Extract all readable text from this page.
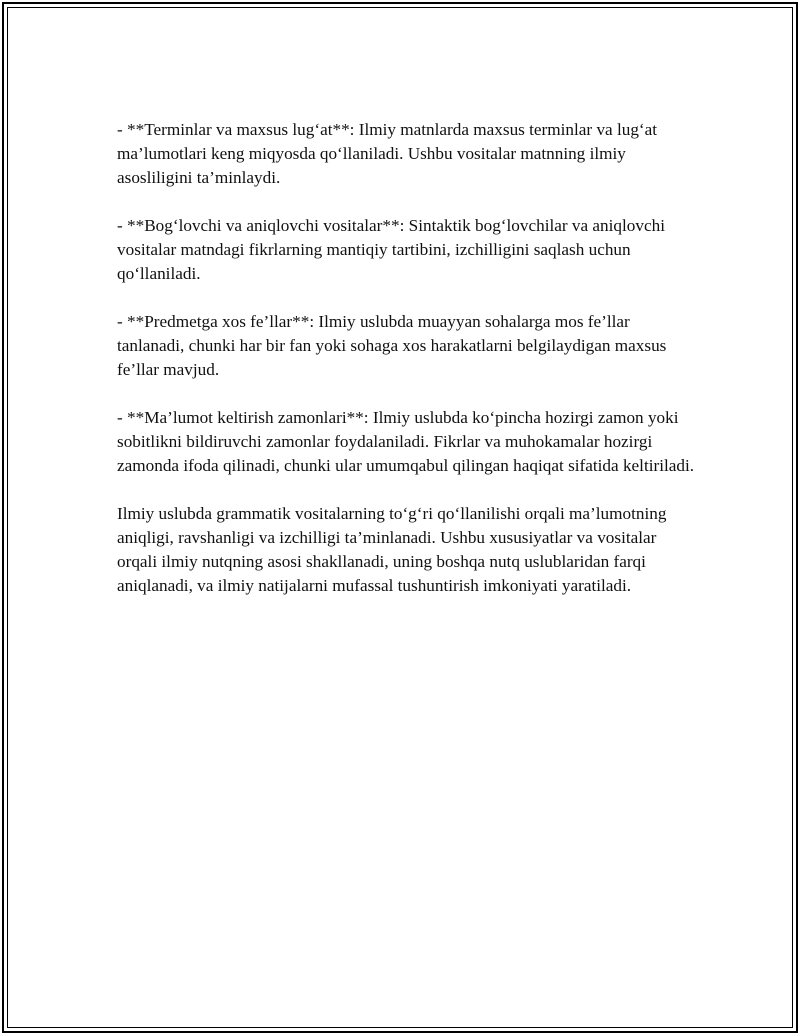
- **Terminlar va maxsus lug‘at**: Ilmiy matnlarda maxsus terminlar va lug‘at ma’lumotlari keng miqyosda qo‘llaniladi. Ushbu vositalar matnning ilmiy asosliligini ta’minlaydi.

- **Bog‘lovchi va aniqlovchi vositalar**: Sintaktik bog‘lovchilar va aniqlovchi vositalar matndagi fikrlarning mantiqiy tartibini, izchilligini saqlash uchun qo‘llaniladi.

- **Predmetga xos fe’llar**: Ilmiy uslubda muayyan sohalarga mos fe’llar tanlanadi, chunki har bir fan yoki sohaga xos harakatlarni belgilaydigan maxsus fe’llar mavjud.

- **Ma’lumot keltirish zamonlari**: Ilmiy uslubda ko‘pincha hozirgi zamon yoki sobitlikni bildiruvchi zamonlar foydalaniladi. Fikrlar va muhokamalar hozirgi zamonda ifoda qilinadi, chunki ular umumqabul qilingan haqiqat sifatida keltiriladi.

Ilmiy uslubda grammatik vositalarning to‘g‘ri qo‘llanilishi orqali ma’lumotning aniqligi, ravshanligi va izchilligi ta’minlanadi. Ushbu xususiyatlar va vositalar orqali ilmiy nutqning asosi shakllanadi, uning boshqa nutq uslublaridan farqi aniqlanadi, va ilmiy natijalarni mufassal tushuntirish imkoniyati yaratiladi.
